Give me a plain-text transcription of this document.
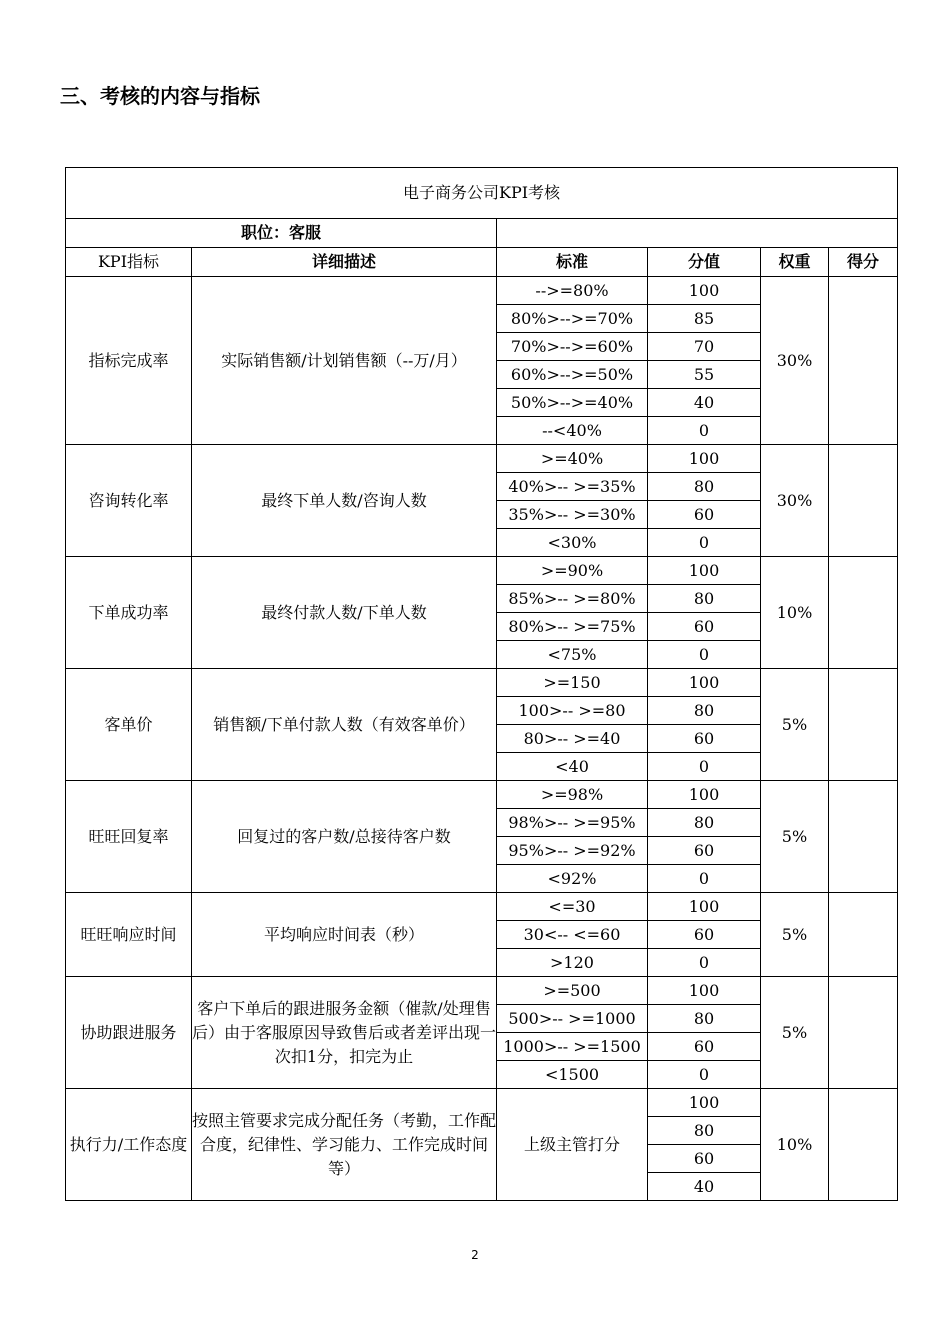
三、考核的内容与指标
电子商务公司KPI考核					
职位：客服					
KPI指标	详细描述	标准	分值	权重	得分
指标完成率	实际销售额/计划销售额（--万/月）	-->=80%	100	30%	
		80%>-->=70%	85		
		70%>-->=60%	70		
		60%>-->=50%	55		
		50%>-->=40%	40		
		--<40%	0		
咨询转化率	最终下单人数/咨询人数	>=40%	100	30%	
		40%>-- >=35%	80		
		35%>-- >=30%	60		
		<30%	0		
下单成功率	最终付款人数/下单人数	>=90%	100	10%	
		85%>-- >=80%	80		
		80%>-- >=75%	60		
		<75%	0		
客单价	销售额/下单付款人数（有效客单价）	>=150	100	5%	
		100>-- >=80	80		
		80>-- >=40	60		
		<40	0		
旺旺回复率	回复过的客户数/总接待客户数	>=98%	100	5%	
		98%>-- >=95%	80		
		95%>-- >=92%	60		
		<92%	0		
旺旺响应时间	平均响应时间表（秒）	<=30	100	5%	
		30<-- <=60	60		
		>120	0		
协助跟进服务	客户下单后的跟进服务金额（催款/处理售后）由于客服原因导致售后或者差评出现一次扣1分，扣完为止	>=500	100	5%	
		500>-- >=1000	80		
		1000>-- >=1500	60		
		<1500	0		
执行力/工作态度	按照主管要求完成分配任务（考勤，工作配合度，纪律性、学习能力、工作完成时间等）	上级主管打分	100	10%	
			80		
			60		
			40		
2
